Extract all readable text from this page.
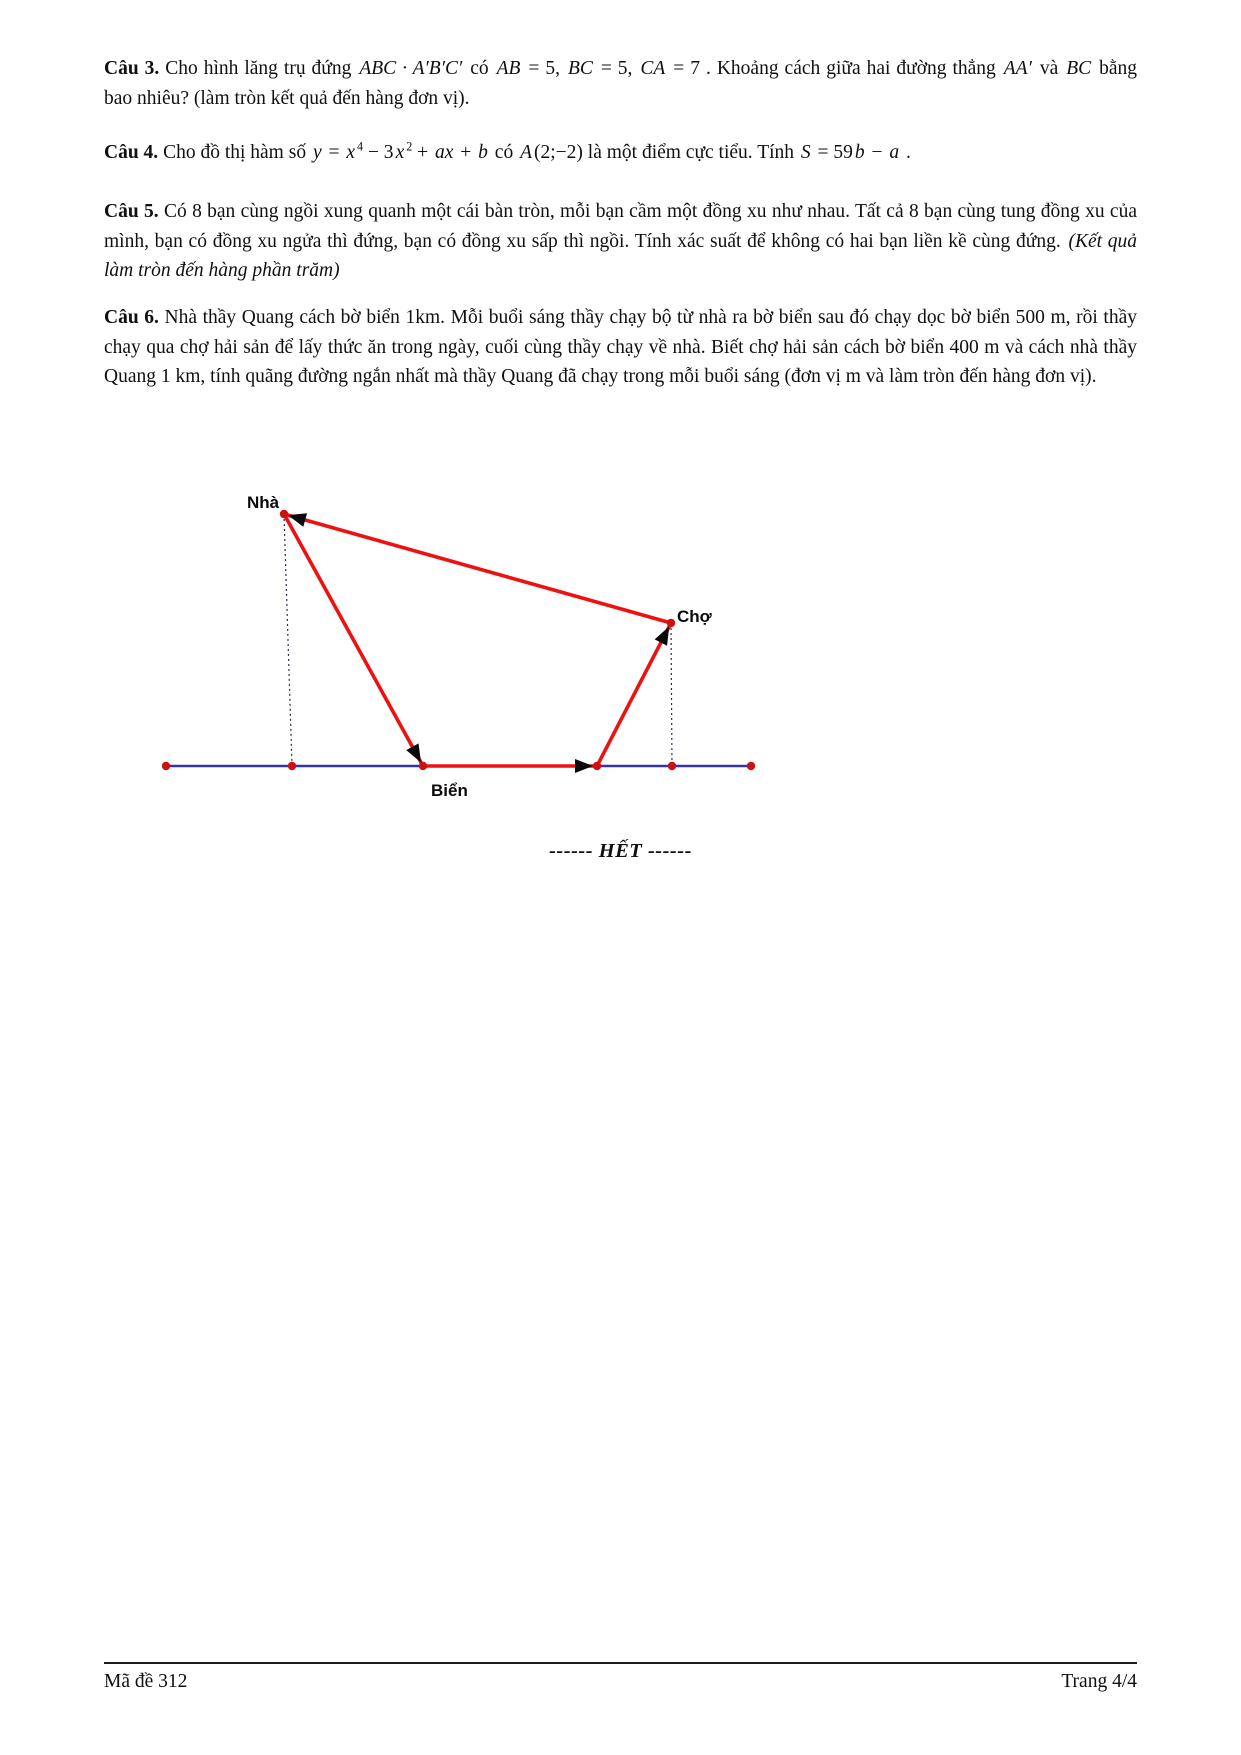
Câu 3. Cho hình lăng trụ đứng ABC · A′B′C′ có AB = 5, BC = 5, CA = 7 . Khoảng cách giữa hai đường thẳng AA′ và BC bằng bao nhiêu? (làm tròn kết quả đến hàng đơn vị).

Câu 4. Cho đồ thị hàm số y = x $^4$ − 3 x $^2$ + ax + b có A (2;−2) là một điểm cực tiểu. Tính S = 59 b − a .

Câu 5. Có 8 bạn cùng ngồi xung quanh một cái bàn tròn, mỗi bạn cầm một đồng xu như nhau. Tất cả 8 bạn cùng tung đồng xu của mình, bạn có đồng xu ngửa thì đứng, bạn có đồng xu sấp thì ngồi. Tính xác suất để không có hai bạn liền kề cùng đứng. (Kết quả làm tròn đến hàng phần trăm)

Câu 6. Nhà thầy Quang cách bờ biển 1km. Mỗi buổi sáng thầy chạy bộ từ nhà ra bờ biển sau đó chạy dọc bờ biển 500 m, rồi thầy chạy qua chợ hải sản để lấy thức ăn trong ngày, cuối cùng thầy chạy về nhà. Biết chợ hải sản cách bờ biển 400 m và cách nhà thầy Quang 1 km, tính quãng đường ngắn nhất mà thầy Quang đã chạy trong mỗi buổi sáng (đơn vị m và làm tròn đến hàng đơn vị).

Nhà
Chợ
Biển
------ HẾT ------
Mã đề 312	Trang 4/4
